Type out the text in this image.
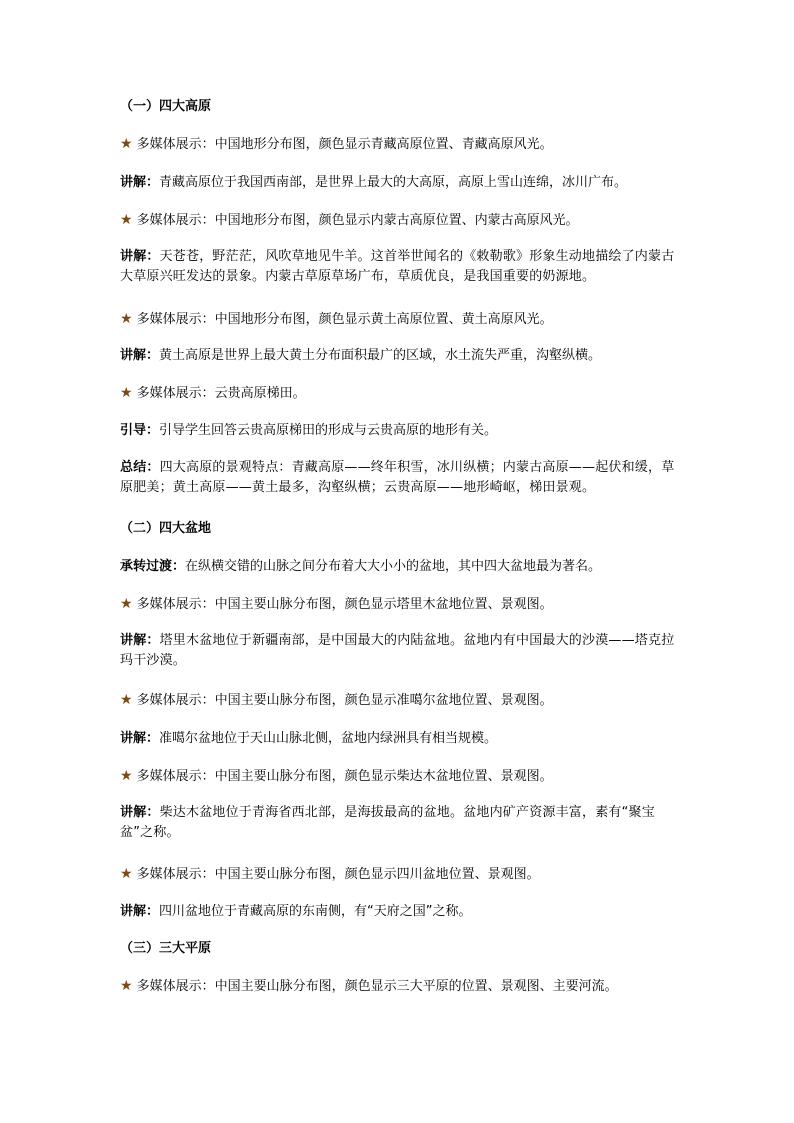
（一）四大高原
★ 多媒体展示：中国地形分布图，颜色显示青藏高原位置、青藏高原风光。
讲解：青藏高原位于我国西南部，是世界上最大的大高原，高原上雪山连绵，冰川广布。
★ 多媒体展示：中国地形分布图，颜色显示内蒙古高原位置、内蒙古高原风光。
讲解：天苍苍，野茫茫，风吹草地见牛羊。这首举世闻名的《敕勒歌》形象生动地描绘了内蒙古大草原兴旺发达的景象。内蒙古草原草场广布，草质优良，是我国重要的奶源地。
★ 多媒体展示：中国地形分布图，颜色显示黄土高原位置、黄土高原风光。
讲解：黄土高原是世界上最大黄土分布面积最广的区域，水土流失严重，沟壑纵横。
★ 多媒体展示：云贵高原梯田。
引导：引导学生回答云贵高原梯田的形成与云贵高原的地形有关。
总结：四大高原的景观特点：青藏高原——终年积雪，冰川纵横；内蒙古高原——起伏和缓，草原肥美；黄土高原——黄土最多，沟壑纵横；云贵高原——地形崎岖，梯田景观。
（二）四大盆地
承转过渡：在纵横交错的山脉之间分布着大大小小的盆地，其中四大盆地最为著名。
★ 多媒体展示：中国主要山脉分布图，颜色显示塔里木盆地位置、景观图。
讲解：塔里木盆地位于新疆南部，是中国最大的内陆盆地。盆地内有中国最大的沙漠——塔克拉玛干沙漠。
★ 多媒体展示：中国主要山脉分布图，颜色显示准噶尔盆地位置、景观图。
讲解：准噶尔盆地位于天山山脉北侧，盆地内绿洲具有相当规模。
★ 多媒体展示：中国主要山脉分布图，颜色显示柴达木盆地位置、景观图。
讲解：柴达木盆地位于青海省西北部，是海拔最高的盆地。盆地内矿产资源丰富，素有“聚宝盆”之称。
★ 多媒体展示：中国主要山脉分布图，颜色显示四川盆地位置、景观图。
讲解：四川盆地位于青藏高原的东南侧，有“天府之国”之称。
（三）三大平原
★ 多媒体展示：中国主要山脉分布图，颜色显示三大平原的位置、景观图、主要河流。
